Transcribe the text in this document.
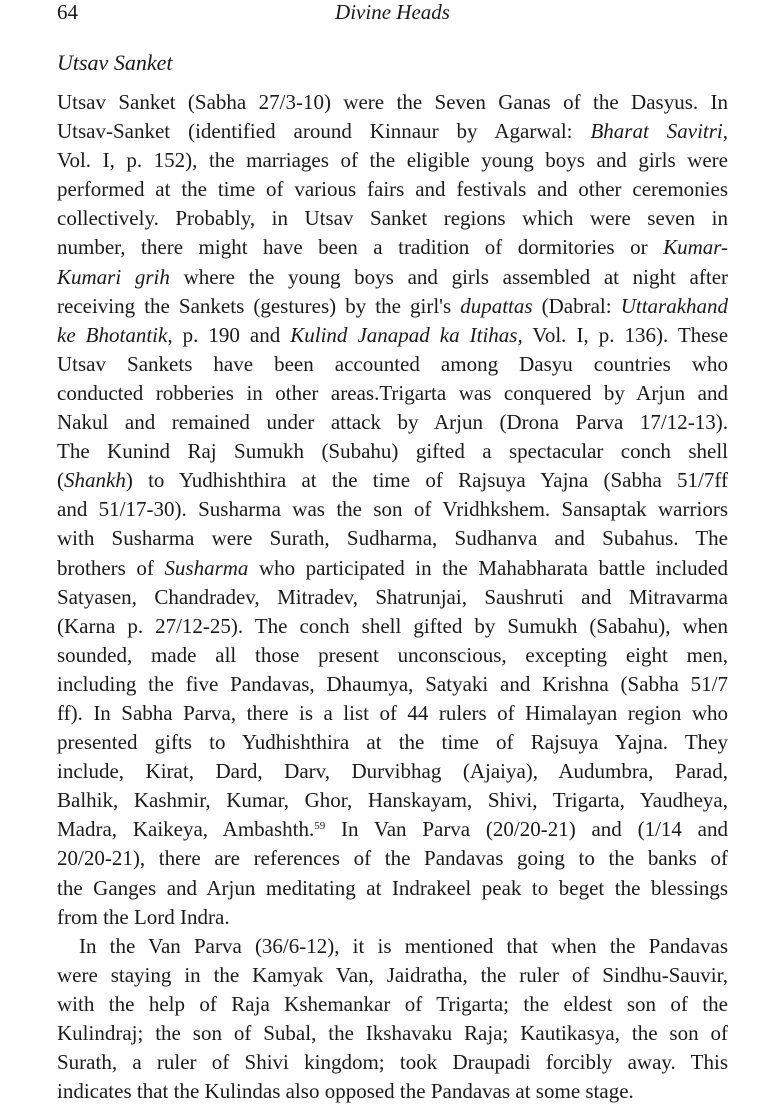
64	Divine Heads
Utsav Sanket
Utsav Sanket (Sabha 27/3-10) were the Seven Ganas of the Dasyus. In
Utsav-Sanket (identified around Kinnaur by Agarwal: Bharat Savitri,
Vol. I, p. 152), the marriages of the eligible young boys and girls were
performed at the time of various fairs and festivals and other ceremonies
collectively. Probably, in Utsav Sanket regions which were seven in
number, there might have been a tradition of dormitories or Kumar-
Kumari grih where the young boys and girls assembled at night after
receiving the Sankets (gestures) by the girl's dupattas (Dabral: Uttarakhand
ke Bhotantik, p. 190 and Kulind Janapad ka Itihas, Vol. I, p. 136). These
Utsav Sankets have been accounted among Dasyu countries who
conducted robberies in other areas.Trigarta was conquered by Arjun and
Nakul and remained under attack by Arjun (Drona Parva 17/12-13).
The Kunind Raj Sumukh (Subahu) gifted a spectacular conch shell
(Shankh) to Yudhishthira at the time of Rajsuya Yajna (Sabha 51/7ff
and 51/17-30). Susharma was the son of Vridhkshem. Sansaptak warriors
with Susharma were Surath, Sudharma, Sudhanva and Subahus. The
brothers of Susharma who participated in the Mahabharata battle included
Satyasen, Chandradev, Mitradev, Shatrunjai, Saushruti and Mitravarma
(Karna p. 27/12-25). The conch shell gifted by Sumukh (Sabahu), when
sounded, made all those present unconscious, excepting eight men,
including the five Pandavas, Dhaumya, Satyaki and Krishna (Sabha 51/7
ff). In Sabha Parva, there is a list of 44 rulers of Himalayan region who
presented gifts to Yudhishthira at the time of Rajsuya Yajna. They
include, Kirat, Dard, Darv, Durvibhag (Ajaiya), Audumbra, Parad,
Balhik, Kashmir, Kumar, Ghor, Hanskayam, Shivi, Trigarta, Yaudheya,
Madra, Kaikeya, Ambashth.$^{59}$ In Van Parva (20/20-21) and (1/14 and
20/20-21), there are references of the Pandavas going to the banks of
the Ganges and Arjun meditating at Indrakeel peak to beget the blessings
from the Lord Indra.
In the Van Parva (36/6-12), it is mentioned that when the Pandavas
were staying in the Kamyak Van, Jaidratha, the ruler of Sindhu-Sauvir,
with the help of Raja Kshemankar of Trigarta; the eldest son of the
Kulindraj; the son of Subal, the Ikshavaku Raja; Kautikasya, the son of
Surath, a ruler of Shivi kingdom; took Draupadi forcibly away. This
indicates that the Kulindas also opposed the Pandavas at some stage.
